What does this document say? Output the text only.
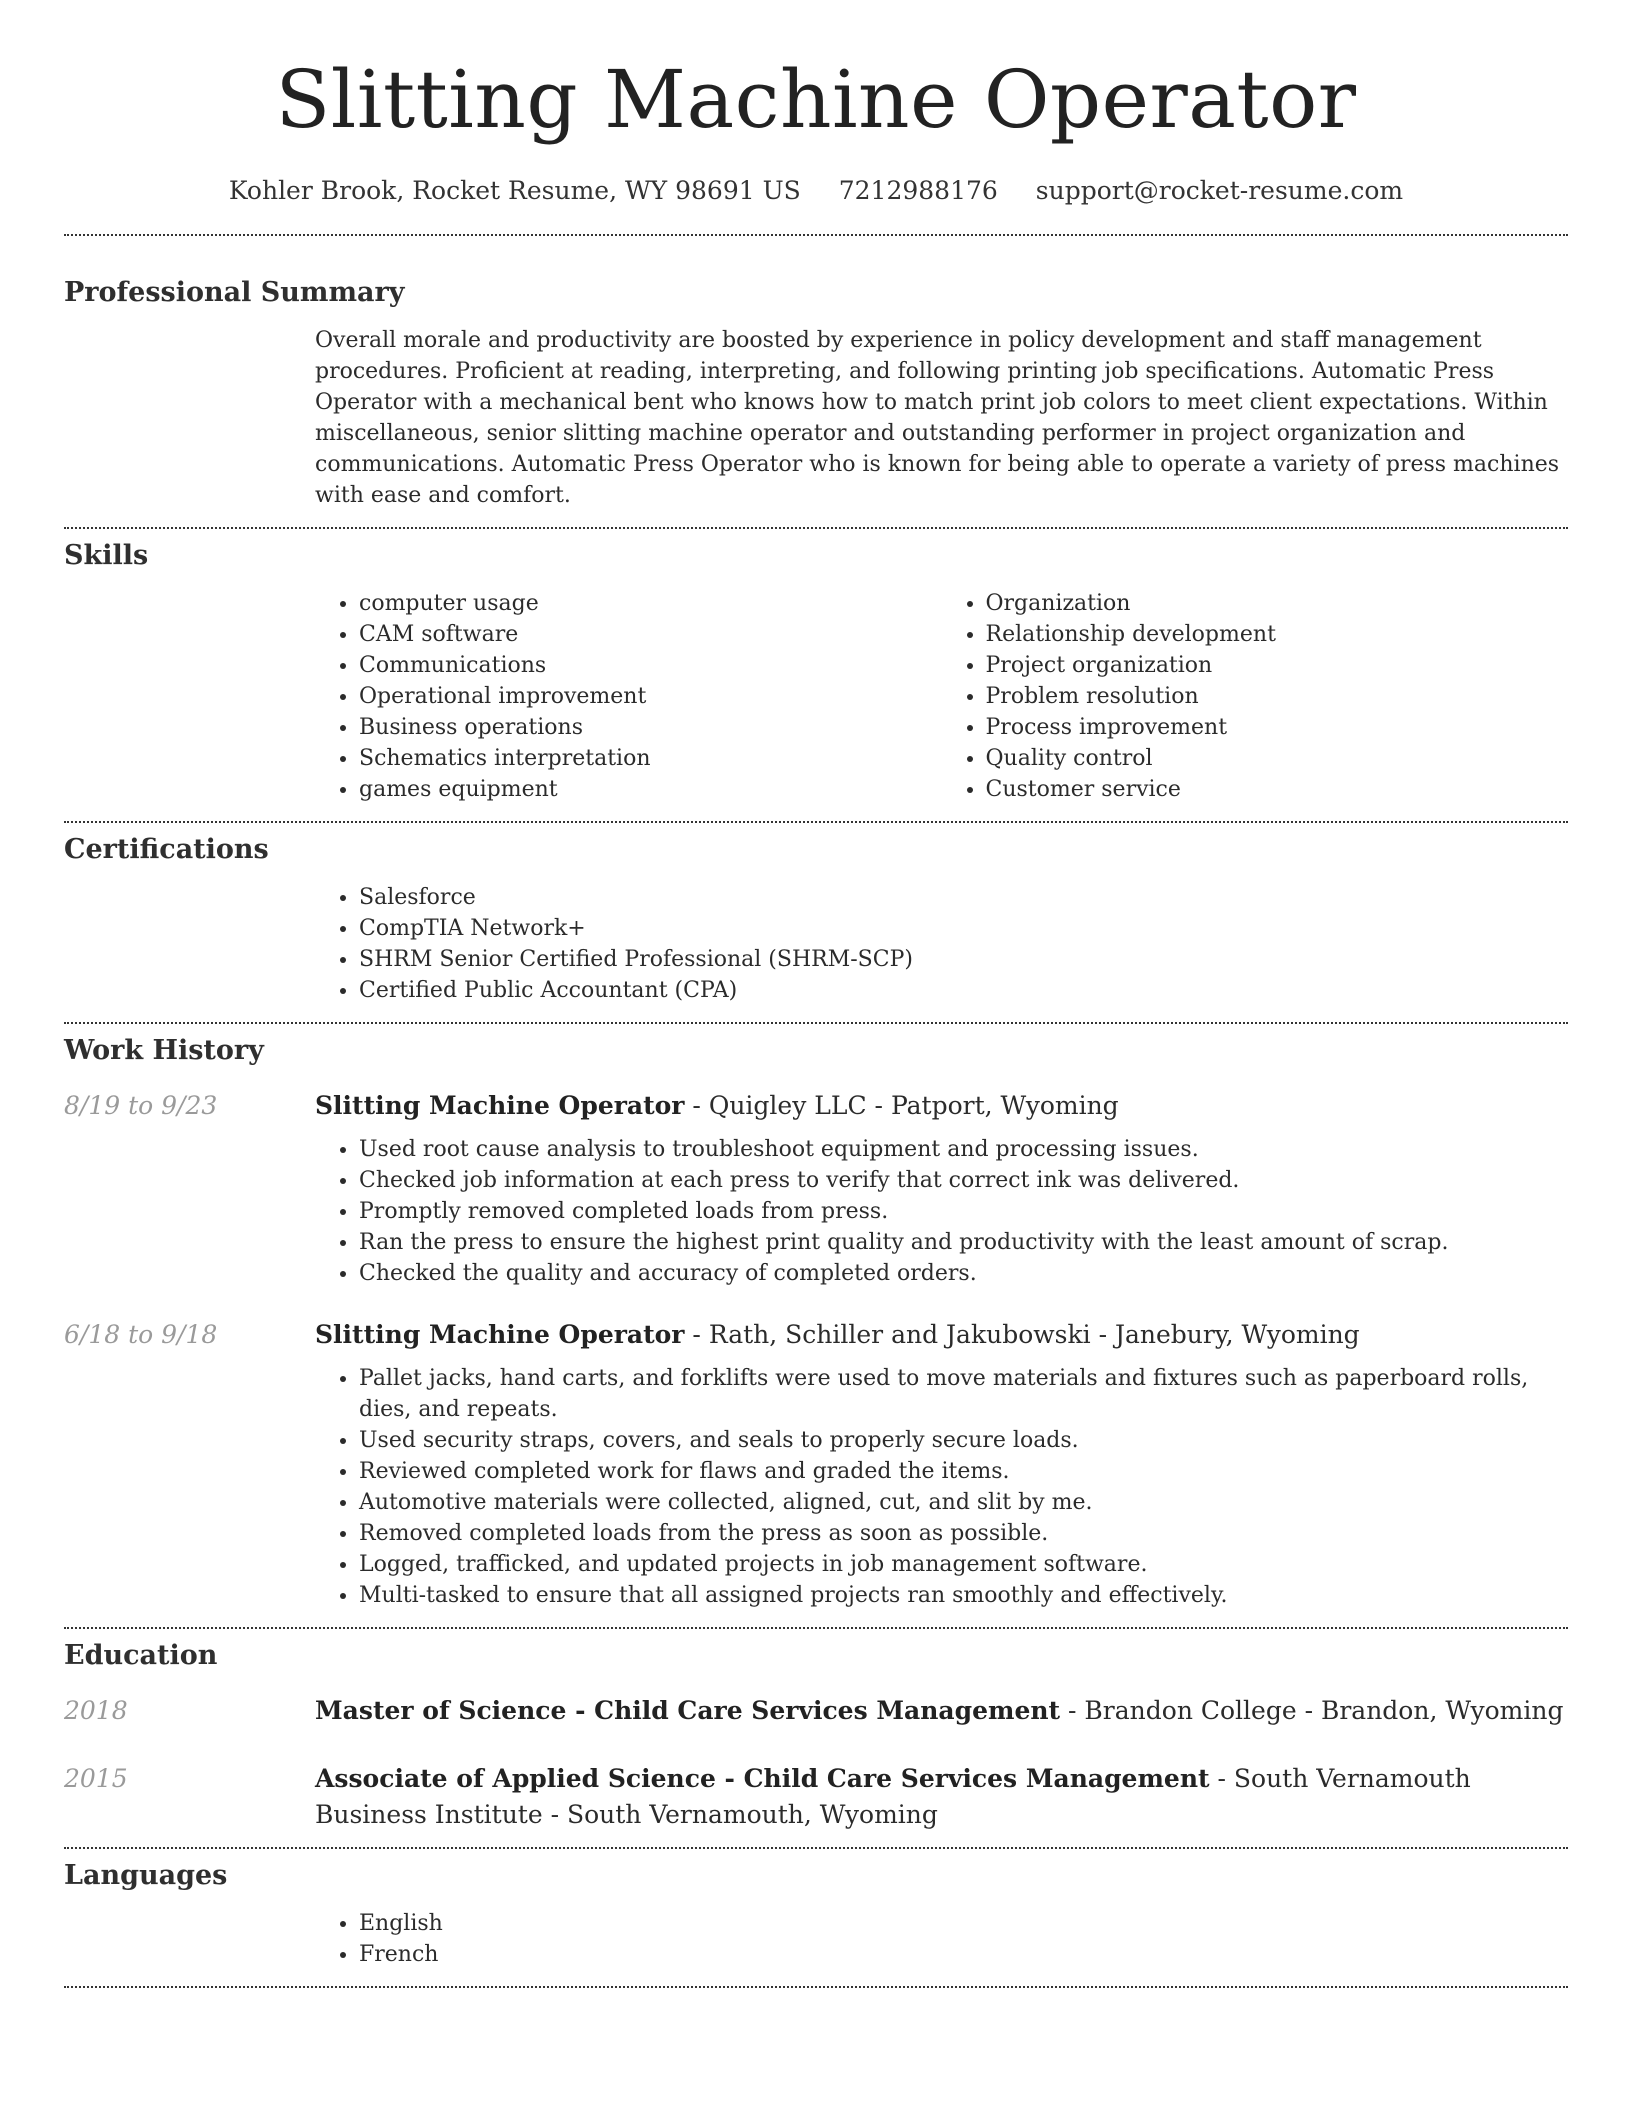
Slitting Machine Operator
Kohler Brook, Rocket Resume, WY 98691 US 7212988176 support@rocket-resume.com
Professional Summary
Overall morale and productivity are boosted by experience in policy development and staff management procedures. Proficient at reading, interpreting, and following printing job specifications. Automatic Press Operator with a mechanical bent who knows how to match print job colors to meet client expectations. Within miscellaneous, senior slitting machine operator and outstanding performer in project organization and communications. Automatic Press Operator who is known for being able to operate a variety of press machines with ease and comfort.
Skills
• computer usage
• CAM software
• Communications
• Operational improvement
• Business operations
• Schematics interpretation
• games equipment
• Organization
• Relationship development
• Project organization
• Problem resolution
• Process improvement
• Quality control
• Customer service
Certifications
• Salesforce
• CompTIA Network+
• SHRM Senior Certified Professional (SHRM-SCP)
• Certified Public Accountant (CPA)
Work History
8/19 to 9/23	Slitting Machine Operator - Quigley LLC - Patport, Wyoming
• Used root cause analysis to troubleshoot equipment and processing issues.
• Checked job information at each press to verify that correct ink was delivered.
• Promptly removed completed loads from press.
• Ran the press to ensure the highest print quality and productivity with the least amount of scrap.
• Checked the quality and accuracy of completed orders.
6/18 to 9/18	Slitting Machine Operator - Rath, Schiller and Jakubowski - Janebury, Wyoming
• Pallet jacks, hand carts, and forklifts were used to move materials and fixtures such as paperboard rolls, dies, and repeats.
• Used security straps, covers, and seals to properly secure loads.
• Reviewed completed work for flaws and graded the items.
• Automotive materials were collected, aligned, cut, and slit by me.
• Removed completed loads from the press as soon as possible.
• Logged, trafficked, and updated projects in job management software.
• Multi-tasked to ensure that all assigned projects ran smoothly and effectively.
Education
2018	Master of Science - Child Care Services Management - Brandon College - Brandon, Wyoming
2015	Associate of Applied Science - Child Care Services Management - South Vernamouth Business Institute - South Vernamouth, Wyoming
Languages
• English
• French
